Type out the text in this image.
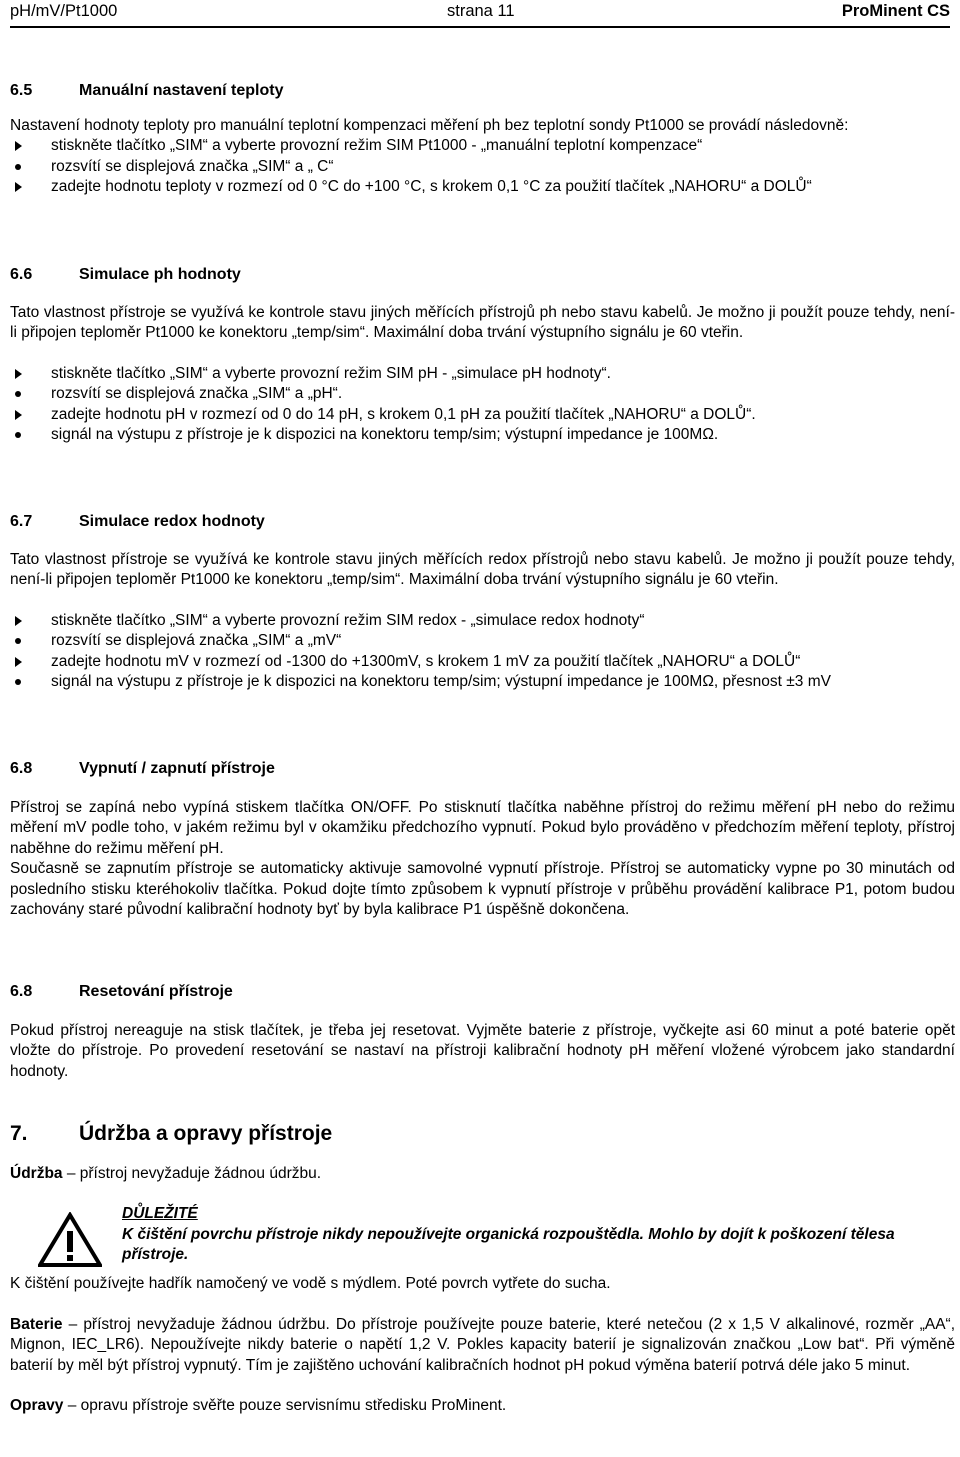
pH/mV/Pt1000	strana 11	ProMinent CS
6.5	Manuální nastavení teploty

Nastavení hodnoty teploty pro manuální teplotní kompenzaci měření ph bez teplotní sondy Pt1000 se provádí následovně:

stiskněte tlačítko „SIM“ a vyberte provozní režim SIM Pt1000 - „manuální teplotní kompenzace“
rozsvítí se displejová značka „SIM“ a „ C“
zadejte hodnotu teploty v rozmezí od 0 °C do +100 °C, s krokem 0,1 °C za použití tlačítek „NAHORU“ a DOLŮ“
6.6	Simulace ph hodnoty

Tato vlastnost přístroje se využívá ke kontrole stavu jiných měřících přístrojů ph nebo stavu kabelů. Je možno ji použít pouze tehdy, není-li připojen teploměr Pt1000 ke konektoru „temp/sim“. Maximální doba trvání výstupního signálu je 60 vteřin.

stiskněte tlačítko „SIM“ a vyberte provozní režim SIM pH - „simulace pH hodnoty“.
rozsvítí se displejová značka „SIM“ a „pH“.
zadejte hodnotu pH v rozmezí od 0 do 14 pH, s krokem 0,1 pH za použití tlačítek „NAHORU“ a DOLŮ“.
signál na výstupu z přístroje je k dispozici na konektoru temp/sim; výstupní impedance je 100MΩ.
6.7	Simulace redox hodnoty

Tato vlastnost přístroje se využívá ke kontrole stavu jiných měřících redox přístrojů nebo stavu kabelů. Je možno ji použít pouze tehdy, není-li připojen teploměr Pt1000 ke konektoru „temp/sim“. Maximální doba trvání výstupního signálu je 60 vteřin.

stiskněte tlačítko „SIM“ a vyberte provozní režim SIM redox - „simulace redox hodnoty“
rozsvítí se displejová značka „SIM“ a „mV“
zadejte hodnotu mV v rozmezí od -1300 do +1300mV, s krokem 1 mV za použití tlačítek „NAHORU“ a DOLŮ“
signál na výstupu z přístroje je k dispozici na konektoru temp/sim; výstupní impedance je 100MΩ, přesnost ±3 mV
6.8	Vypnutí / zapnutí přístroje

Přístroj se zapíná nebo vypíná stiskem tlačítka ON/OFF. Po stisknutí tlačítka naběhne přístroj do režimu měření pH nebo do režimu měření mV podle toho, v jakém režimu byl v okamžiku předchozího vypnutí. Pokud bylo prováděno v předchozím měření teploty, přístroj naběhne do režimu měření pH.

Současně se zapnutím přístroje se automaticky aktivuje samovolné vypnutí přístroje. Přístroj se automaticky vypne po 30 minutách od posledního stisku kteréhokoliv tlačítka. Pokud dojte tímto způsobem k vypnutí přístroje v průběhu provádění kalibrace P1, potom budou zachovány staré původní kalibrační hodnoty byť by byla kalibrace P1 úspěšně dokončena.

6.8	Resetování přístroje

Pokud přístroj nereaguje na stisk tlačítek, je třeba jej resetovat. Vyjměte baterie z přístroje, vyčkejte asi 60 minut a poté baterie opět vložte do přístroje. Po provedení resetování se nastaví na přístroji kalibrační hodnoty pH měření vložené výrobcem jako standardní hodnoty.

7. Údržba a opravy přístroje

Údržba – přístroj nevyžaduje žádnou údržbu.

DŮLEŽITÉ
K čištění povrchu přístroje nikdy nepoužívejte organická rozpouštědla. Mohlo by dojít k poškození tělesa přístroje.

K čištění používejte hadřík namočený ve vodě s mýdlem. Poté povrch vytřete do sucha.

Baterie – přístroj nevyžaduje žádnou údržbu. Do přístroje používejte pouze baterie, které netečou (2 x 1,5 V alkalinové, rozměr „AA“, Mignon, IEC_LR6). Nepoužívejte nikdy baterie o napětí 1,2 V. Pokles kapacity baterií je signalizován značkou „Low bat“. Při výměně baterií by měl být přístroj vypnutý. Tím je zajištěno uchování kalibračních hodnot pH pokud výměna baterií potrvá déle jako 5 minut.

Opravy – opravu přístroje svěřte pouze servisnímu středisku ProMinent.
